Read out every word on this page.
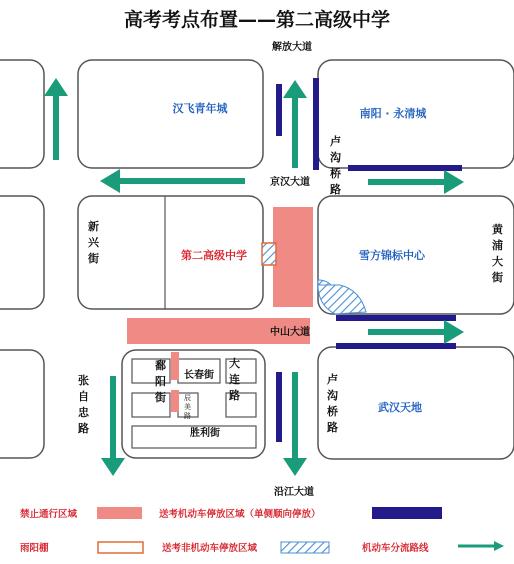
高考考点布置——第二高级中学
解放大道
京汉大道
中山大道
沿江大道
胜利街
长春街
卢
沟
桥
路
卢
沟
桥
路
新
兴
街
黄
浦
大
街
张
自
忠
路
鄱
阳
街
大
连
路
辰
美
路
汉飞青年城	南阳 · 永清城
第二高级中学	雪方锦标中心
武汉天地
禁止通行区域	送考机动车停放区域（单侧顺向停放）
雨阳棚	送考非机动车停放区域	机动车分流路线
